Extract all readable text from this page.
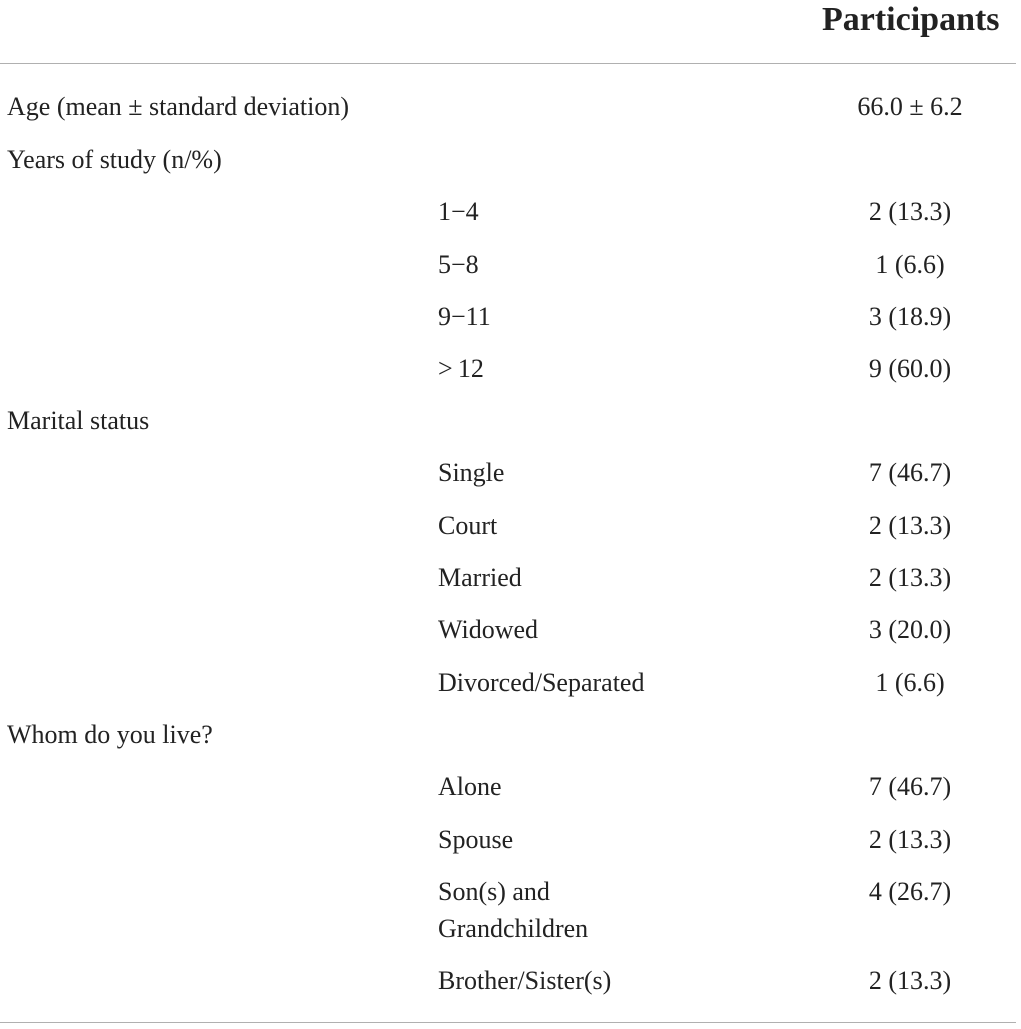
Participants
Age (mean ± standard deviation)	66.0 ± 6.2
Years of study (n/%)
1−4	2 (13.3)
5−8	1 (6.6)
9−11	3 (18.9)
> 12	9 (60.0)
Marital status
Single	7 (46.7)
Court	2 (13.3)
Married	2 (13.3)
Widowed	3 (20.0)
Divorced/Separated	1 (6.6)
Whom do you live?
Alone	7 (46.7)
Spouse	2 (13.3)
Son(s) and	4 (26.7)
Grandchildren
Brother/Sister(s)	2 (13.3)
